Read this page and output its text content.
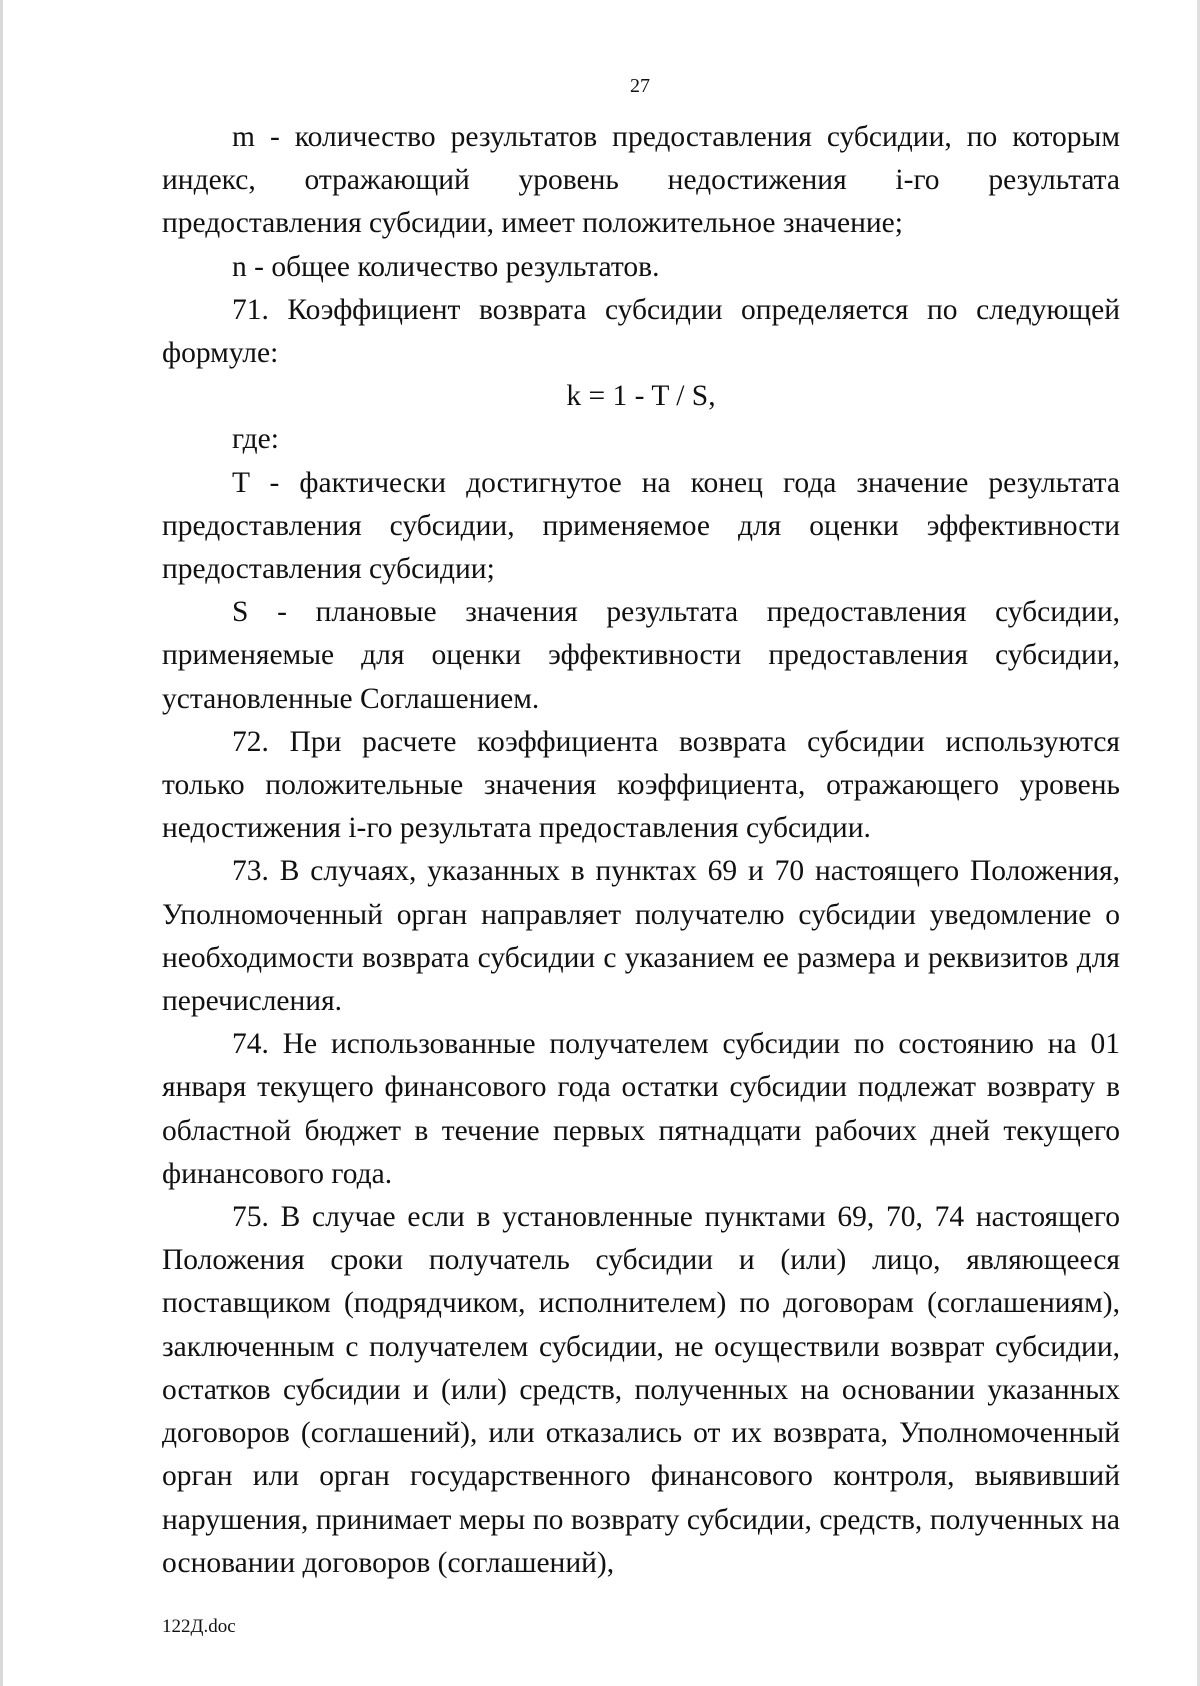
27

m - количество результатов предоставления субсидии, по которым индекс, отражающий уровень недостижения i-го результата предоставления субсидии, имеет положительное значение;

n - общее количество результатов.

71. Коэффициент возврата субсидии определяется по следующей формуле:

k = 1 - T / S,

где:

T - фактически достигнутое на конец года значение результата предоставления субсидии, применяемое для оценки эффективности предоставления субсидии;

S - плановые значения результата предоставления субсидии, применяемые для оценки эффективности предоставления субсидии, установленные Соглашением.

72. При расчете коэффициента возврата субсидии используются только положительные значения коэффициента, отражающего уровень недостижения i-го результата предоставления субсидии.

73. В случаях, указанных в пунктах 69 и 70 настоящего Положения, Уполномоченный орган направляет получателю субсидии уведомление о необходимости возврата субсидии с указанием ее размера и реквизитов для перечисления.

74. Не использованные получателем субсидии по состоянию на 01 января текущего финансового года остатки субсидии подлежат возврату в областной бюджет в течение первых пятнадцати рабочих дней текущего финансового года.

75. В случае если в установленные пунктами 69, 70, 74 настоящего Положения сроки получатель субсидии и (или) лицо, являющееся поставщиком (подрядчиком, исполнителем) по договорам (соглашениям), заключенным с получателем субсидии, не осуществили возврат субсидии, остатков субсидии и (или) средств, полученных на основании указанных договоров (соглашений), или отказались от их возврата, Уполномоченный орган или орган государственного финансового контроля, выявивший нарушения, принимает меры по возврату субсидии, средств, полученных на основании договоров (соглашений),

122Д.doc
